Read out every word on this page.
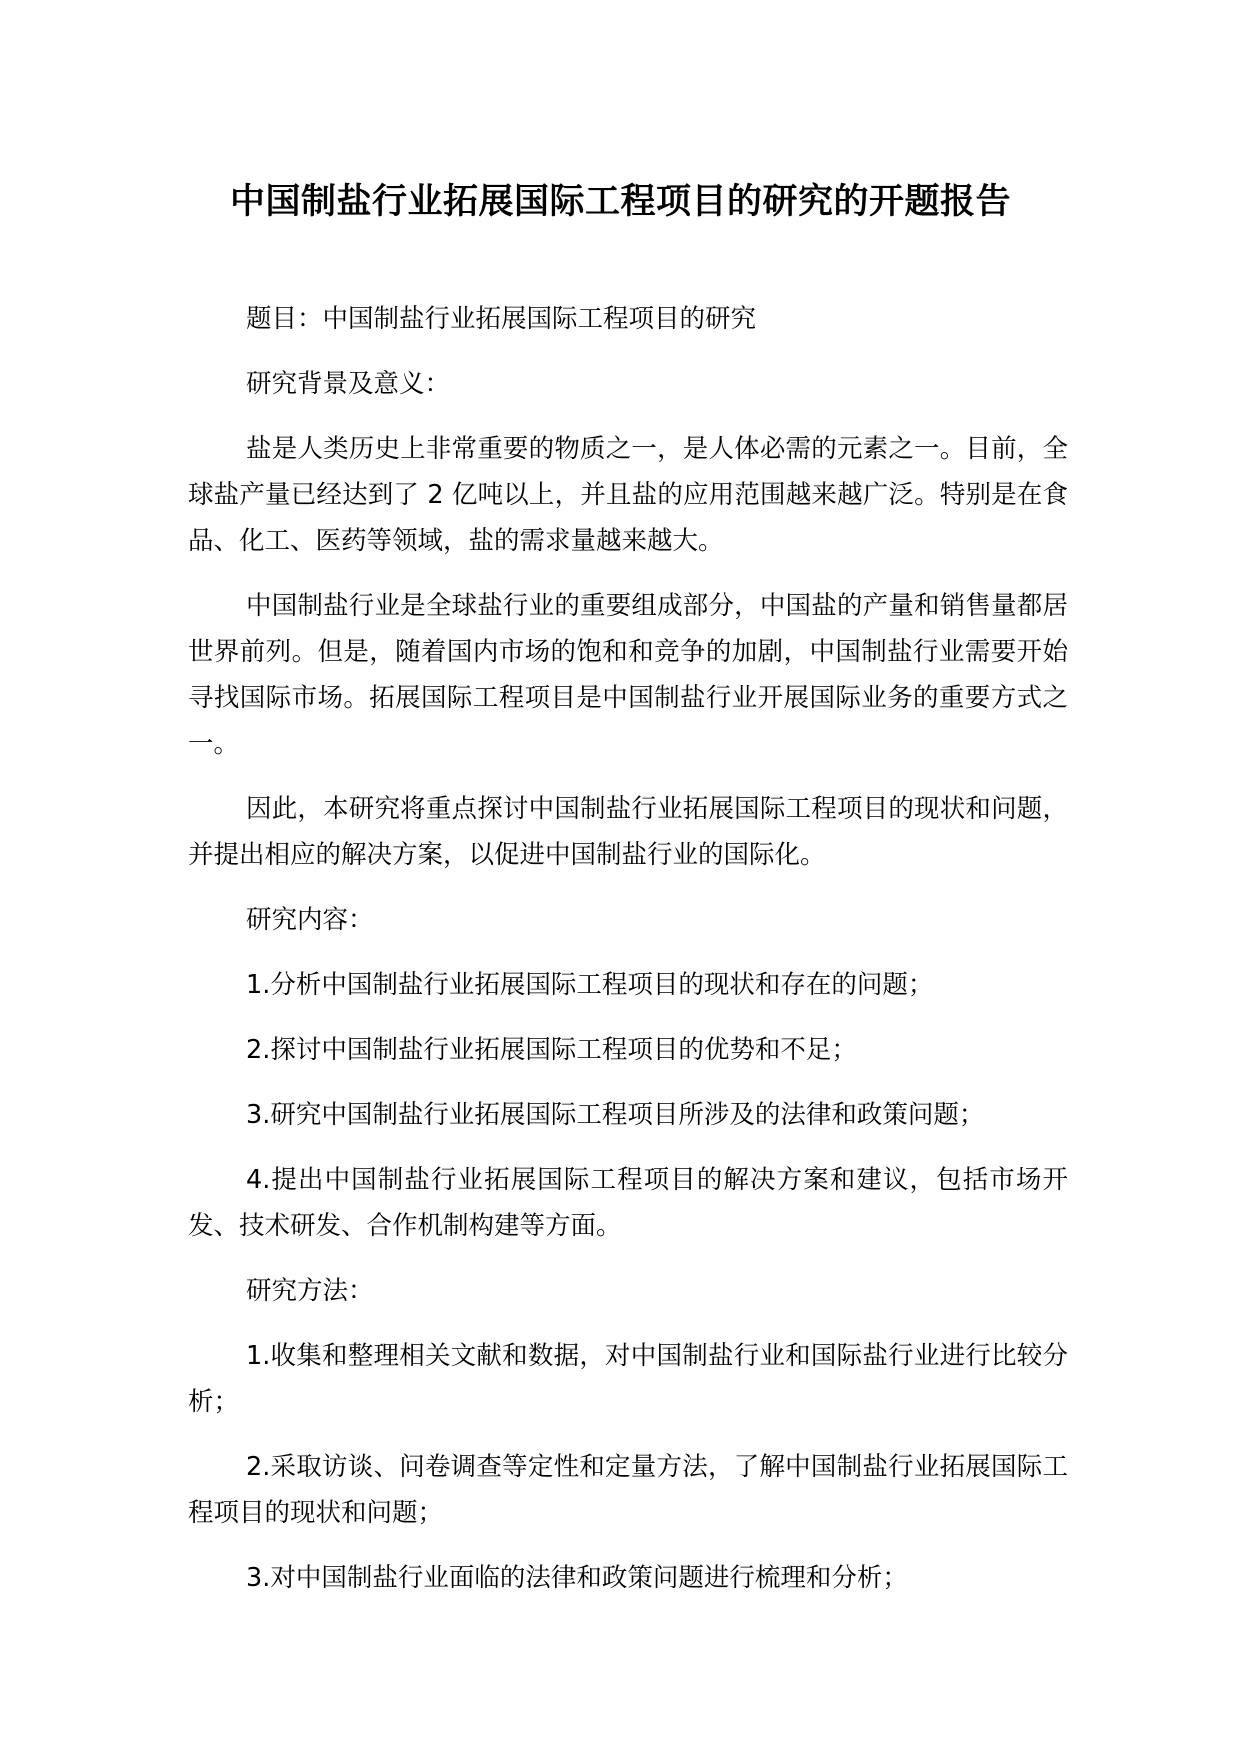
中国制盐行业拓展国际工程项目的研究的开题报告

题目：中国制盐行业拓展国际工程项目的研究

研究背景及意义：

盐是人类历史上非常重要的物质之一，是人体必需的元素之一。目前，全球盐产量已经达到了 2 亿吨以上，并且盐的应用范围越来越广泛。特别是在食品、化工、医药等领域，盐的需求量越来越大。

中国制盐行业是全球盐行业的重要组成部分，中国盐的产量和销售量都居世界前列。但是，随着国内市场的饱和和竞争的加剧，中国制盐行业需要开始寻找国际市场。拓展国际工程项目是中国制盐行业开展国际业务的重要方式之一。

因此，本研究将重点探讨中国制盐行业拓展国际工程项目的现状和问题，并提出相应的解决方案，以促进中国制盐行业的国际化。

研究内容：

1.分析中国制盐行业拓展国际工程项目的现状和存在的问题；

2.探讨中国制盐行业拓展国际工程项目的优势和不足；

3.研究中国制盐行业拓展国际工程项目所涉及的法律和政策问题；

4.提出中国制盐行业拓展国际工程项目的解决方案和建议，包括市场开发、技术研发、合作机制构建等方面。

研究方法：

1.收集和整理相关文献和数据，对中国制盐行业和国际盐行业进行比较分析；

2.采取访谈、问卷调查等定性和定量方法，了解中国制盐行业拓展国际工程项目的现状和问题；

3.对中国制盐行业面临的法律和政策问题进行梳理和分析；
